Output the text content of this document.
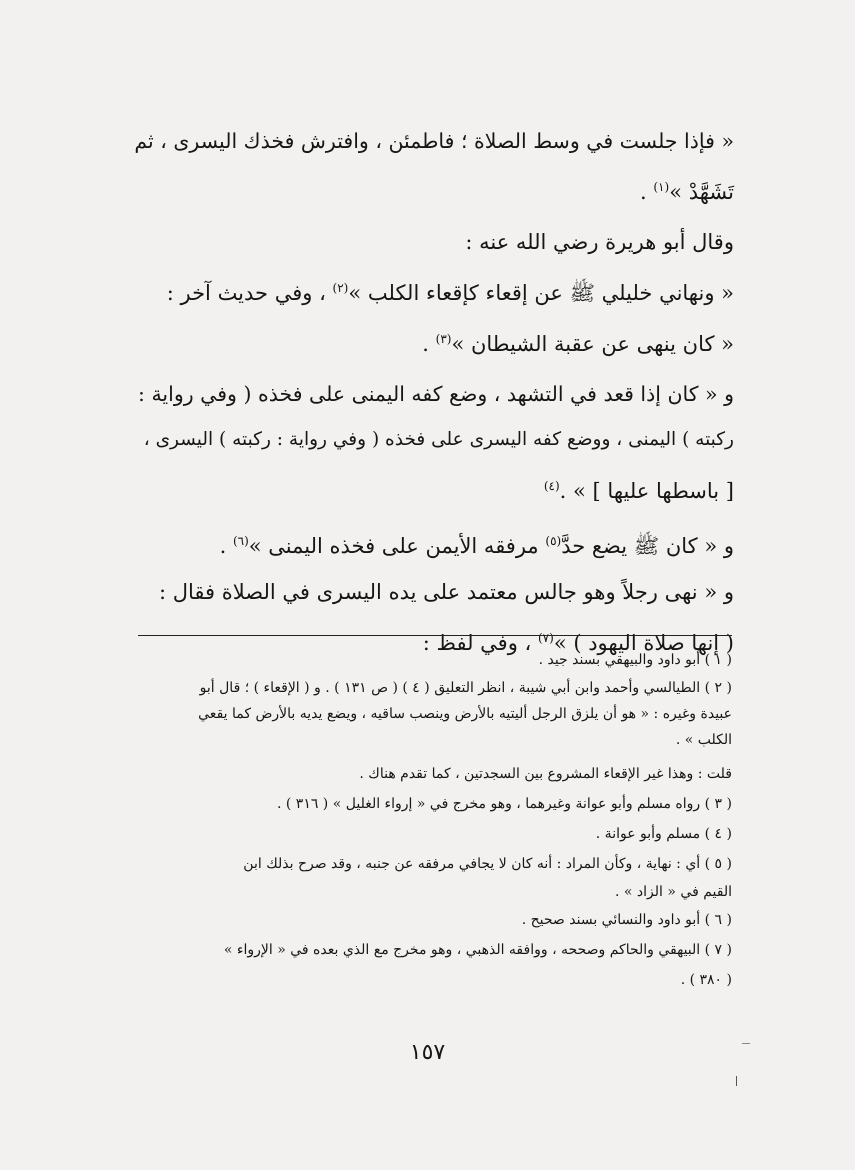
« فإذا جلست في وسط الصلاة ؛ فاطمئن ، وافترش فخذك اليسرى ، ثم

تَشَهَّدْ »$^{(١)}$ .

وقال أبو هريرة رضي الله عنه :

« ونهاني خليلي ﷺ عن إقعاء كإقعاء الكلب »$^{(٢)}$ ، وفي حديث آخر :

« كان ينهى عن عقبة الشيطان »$^{(٣)}$ .

و « كان إذا قعد في التشهد ، وضع كفه اليمنى على فخذه ( وفي رواية :

ركبته ) اليمنى ، ووضع كفه اليسرى على فخذه ( وفي رواية : ركبته ) اليسرى ،

[ باسطها عليها ] » .$^{(٤)}$

و « كان ﷺ يضع حدَّ$^{(٥)}$ مرفقه الأيمن على فخذه اليمنى »$^{(٦)}$ .

و « نهى رجلاً وهو جالس معتمد على يده اليسرى في الصلاة فقال :

( إنها صلاة اليهود ) »$^{(٧)}$ ، وفي لفظ :

( ١ ) أبو داود والبيهقي بسند جيد .

( ٢ ) الطيالسي وأحمد وابن أبي شيبة ، انظر التعليق ( ٤ ) ( ص ١٣١ ) . و ( الإقعاء ) ؛ قال أبو

عبيدة وغيره : « هو أن يلزق الرجل أليتيه بالأرض وينصب ساقيه ، ويضع يديه بالأرض كما يقعي

الكلب » .

قلت : وهذا غير الإقعاء المشروع بين السجدتين ، كما تقدم هناك .

( ٣ ) رواه مسلم وأبو عوانة وغيرهما ، وهو مخرج في « إرواء الغليل » ( ٣١٦ ) .

( ٤ ) مسلم وأبو عوانة .

( ٥ ) أي : نهاية ، وكأن المراد : أنه كان لا يجافي مرفقه عن جنبه ، وقد صرح بذلك ابن

القيم في « الزاد » .

( ٦ ) أبو داود والنسائي بسند صحيح .

( ٧ ) البيهقي والحاكم وصححه ، ووافقه الذهبي ، وهو مخرج مع الذي بعده في « الإرواء »

( ٣٨٠ ) .

١٥٧
